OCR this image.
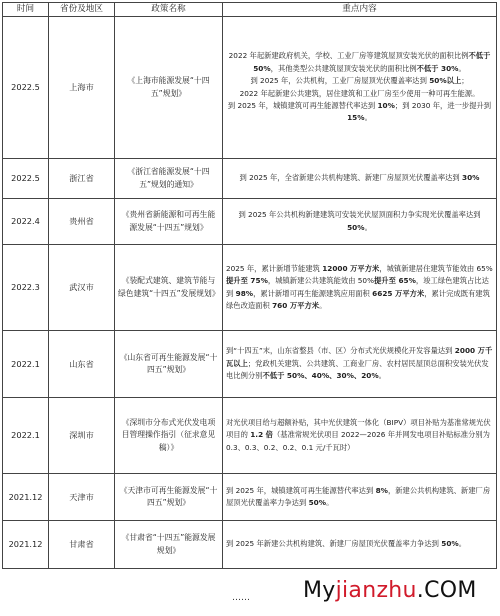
时间	省份及地区	政策名称	重点内容
2022.5	上海市	《上海市能源发展“十四五”规划》	2022 年起新建政府机关，学校、工业厂房等建筑屋顶安装光伏的面积比例不低于 50%，其他类型公共建筑屋顶安装光伏的面积比例不低于 30%。

到 2025 年，公共机构，工业厂房屋顶光伏覆盖率达到 50%以上；

2022 年起新建公共建筑，居住建筑和工业厂房至少使用一种可再生能源。

到 2025 年，城镇建筑可再生能源替代率达到 10%；到 2030 年，进一步提升到 15%。

2022.5	浙江省	《浙江省能源发展“十四五”规划的通知》	到 2025 年，全省新建公共机构建筑、新建厂房屋顶光伏覆盖率达到 30%

2022.4	贵州省	《贵州省新能源和可再生能源发展“十四五”规划》	到 2025 年公共机构新建建筑可安装光伏屋顶面积力争实现光伏覆盖率达到 50%。

2022.3	武汉市	《装配式建筑、建筑节能与绿色建筑“十四五”发展规划》	2025 年，累计新增节能建筑 12000 万平方米，城镇新建居住建筑节能效由 65%提升至 75%，城镇新建公共建筑能效由 50%提升至 65%，竣工绿色建筑占比达到 98%，累计新增可再生能源建筑应用面积 6625 万平方米，累计完成既有建筑绿色改造面积 760 万平方米。

2022.1	山东省	《山东省可再生能源发展“十四五”规划》	到“十四五”末，山东省整县（市、区）分布式光伏规模化开发容量达到 2000 万千瓦以上；党政机关建筑、公共建筑、工商业厂房、农村居民屋顶总面积安装光伏发电比例分别不低于 50%、40%、30%、20%。

2022.1	深圳市	《深圳市分布式光伏发电项目管理操作指引（征求意见稿）》	对光伏项目给与超额补贴，其中光伏建筑一体化（BIPV）项目补贴为基准常规光伏项目的 1.2 倍（基准常规光伏项目 2022—2026 年并网发电项目补贴标准分别为 0.3、0.3、0.2、0.2、0.1 元/千瓦时）

2021.12	天津市	《天津市可再生能源发展“十四五”规划》	到 2025 年，城镇建筑可再生能源替代率达到 8%，新建公共机构建筑、新建厂房屋顶光伏覆盖率力争达到 50%。

2021.12	甘肃省	《甘肃省“十四五”能源发展规划》	到 2025 年新建公共机构建筑、新建厂房屋顶光伏覆盖率力争达到 50%。

…… Myjianzhu.COM
